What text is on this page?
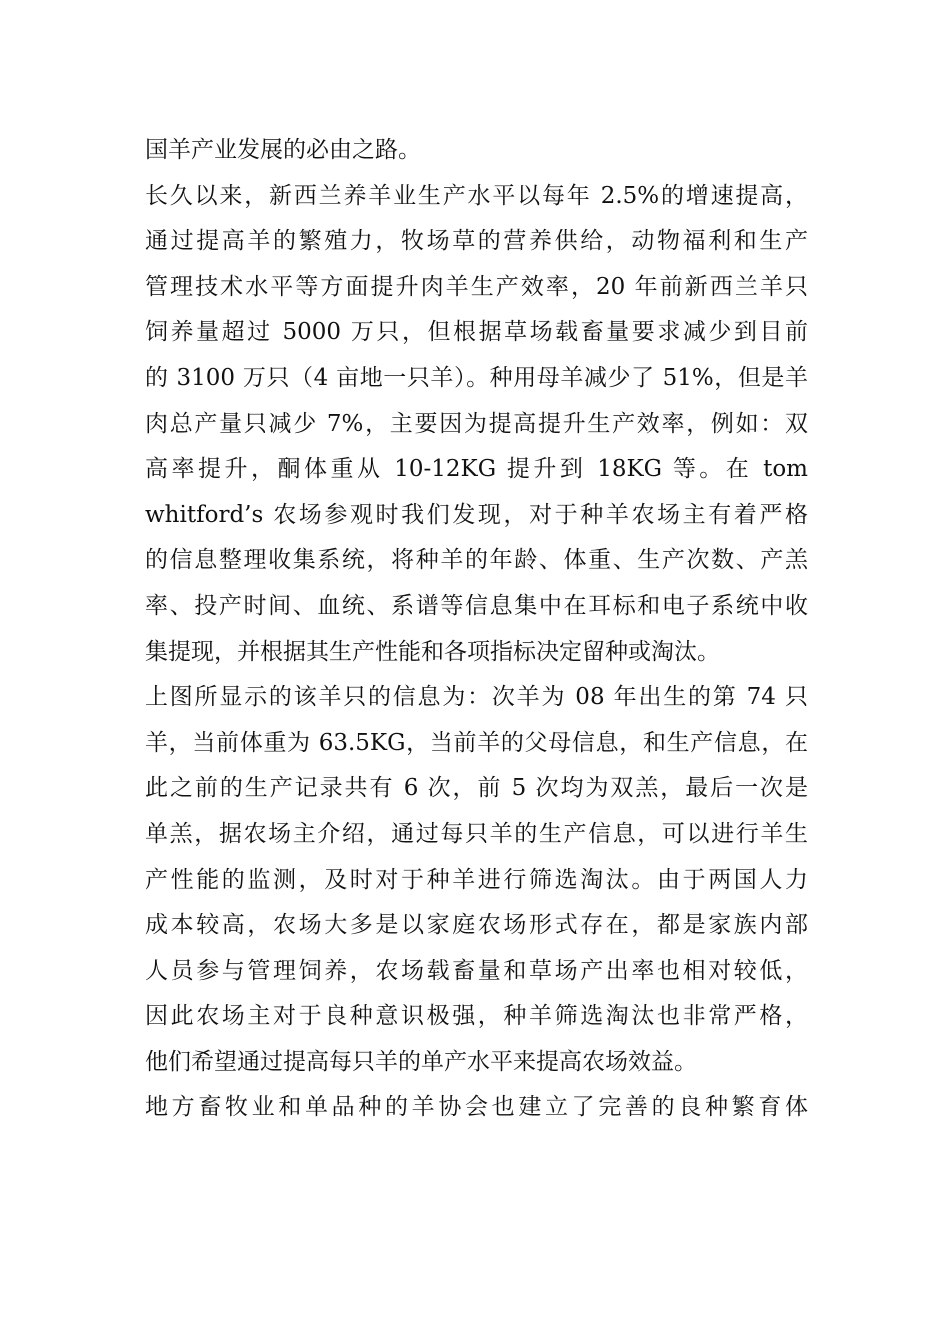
国羊产业发展的必由之路。
长久以来，新西兰养羊业生产水平以每年 2.5%的增速提高，
通过提高羊的繁殖力，牧场草的营养供给，动物福利和生产
管理技术水平等方面提升肉羊生产效率，20 年前新西兰羊只
饲养量超过 5000 万只，但根据草场载畜量要求减少到目前
的 3100 万只（4 亩地一只羊）。种用母羊减少了 51%，但是羊
肉总产量只减少 7%，主要因为提高提升生产效率，例如：双
高率提升，酮体重从 10-12KG 提升到 18KG 等。在 tom
whitford’s 农场参观时我们发现，对于种羊农场主有着严格
的信息整理收集系统，将种羊的年龄、体重、生产次数、产羔
率、投产时间、血统、系谱等信息集中在耳标和电子系统中收
集提现，并根据其生产性能和各项指标决定留种或淘汰。
上图所显示的该羊只的信息为：次羊为 08 年出生的第 74 只
羊，当前体重为 63.5KG，当前羊的父母信息，和生产信息，在
此之前的生产记录共有 6 次，前 5 次均为双羔，最后一次是
单羔，据农场主介绍，通过每只羊的生产信息，可以进行羊生
产性能的监测，及时对于种羊进行筛选淘汰。由于两国人力
成本较高，农场大多是以家庭农场形式存在，都是家族内部
人员参与管理饲养，农场载畜量和草场产出率也相对较低，
因此农场主对于良种意识极强，种羊筛选淘汰也非常严格，
他们希望通过提高每只羊的单产水平来提高农场效益。
地方畜牧业和单品种的羊协会也建立了完善的良种繁育体
